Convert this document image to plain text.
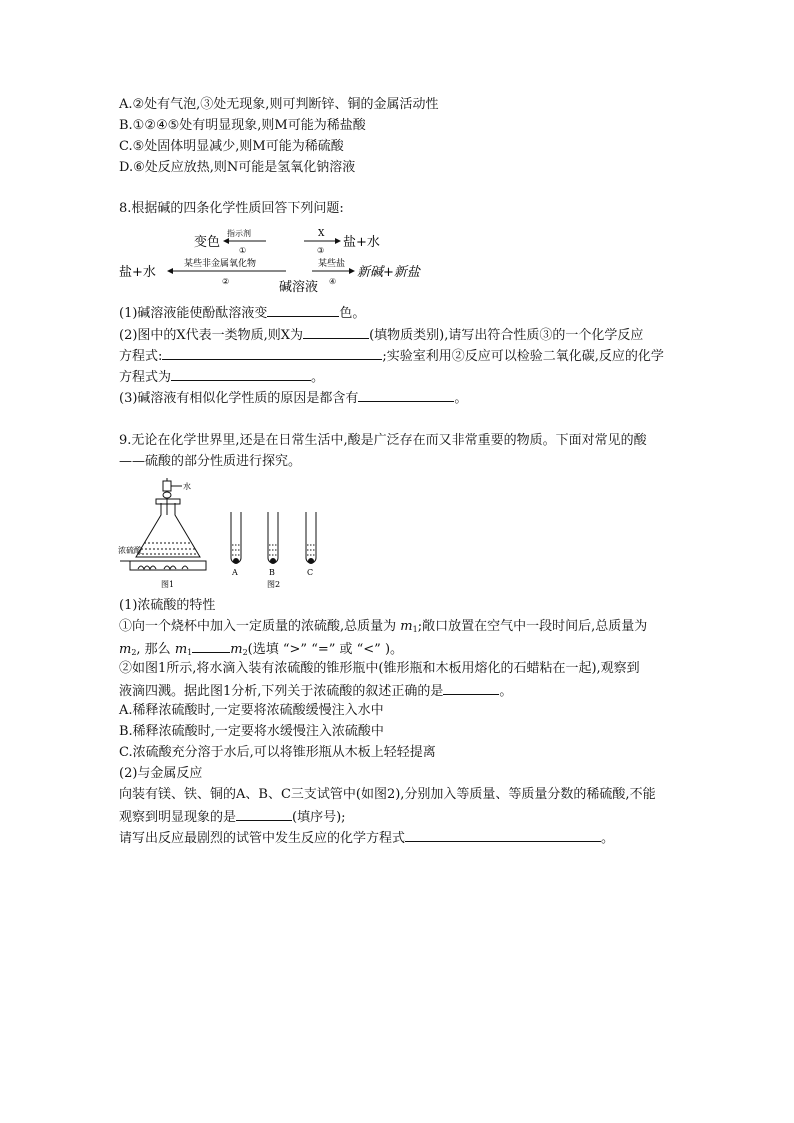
A.②处有气泡,③处无现象,则可判断锌、铜的金属活动性
B.①②④⑤处有明显现象,则M可能为稀盐酸
C.⑤处固体明显减少,则M可能为稀硫酸
D.⑥处反应放热,则N可能是氢氧化钠溶液
8.根据碱的四条化学性质回答下列问题:
变色
指示剂
①
X
③
盐+水
盐+水
某些非金属氧化物
②	碱溶液
某些盐
④
新碱+新盐
(1)碱溶液能使酚酞溶液变	色。
(2)图中的X代表一类物质,则X为	(填物质类别),请写出符合性质③的一个化学反应
方程式:	;实验室利用②反应可以检验二氧化碳,反应的化学
方程式为	。
(3)碱溶液有相似化学性质的原因是都含有	。
9.无论在化学世界里,还是在日常生活中,酸是广泛存在而又非常重要的物质。下面对常见的酸
——硫酸的部分性质进行探究。
水
浓硫酸
图1
A	B	C
图2
(1)浓硫酸的特性
①向一个烧杯中加入一定质量的浓硫酸,总质量为 $m_1$;敞口放置在空气中一段时间后,总质量为
$m_2$, 那么 $m_1$	$m_2$(选填 “>” “=” 或 “<” )。
②如图1所示,将水滴入装有浓硫酸的锥形瓶中(锥形瓶和木板用熔化的石蜡粘在一起),观察到
液滴四溅。据此图1分析,下列关于浓硫酸的叙述正确的是	。
A.稀释浓硫酸时,一定要将浓硫酸缓慢注入水中
B.稀释浓硫酸时,一定要将水缓慢注入浓硫酸中
C.浓硫酸充分溶于水后,可以将锥形瓶从木板上轻轻提离
(2)与金属反应
向装有镁、铁、铜的A、B、C三支试管中(如图2),分别加入等质量、等质量分数的稀硫酸,不能
观察到明显现象的是	(填序号);
请写出反应最剧烈的试管中发生反应的化学方程式	。
